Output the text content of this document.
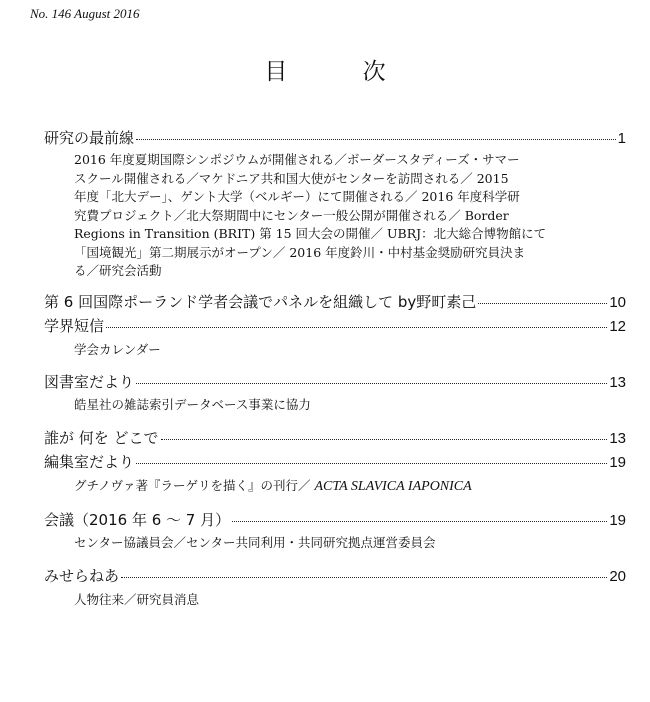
No. 146 August 2016
目 次
研究の最前線	1
2016 年度夏期国際シンポジウムが開催される／ボーダースタディーズ・サマー
スクール開催される／マケドニア共和国大使がセンターを訪問される／ 2015
年度「北大デー」、ゲント大学（ベルギー）にて開催される／ 2016 年度科学研
究費プロジェクト／北大祭期間中にセンター一般公開が開催される／ Border
Regions in Transition (BRIT) 第 15 回大会の開催／ UBRJ：北大総合博物館にて
「国境観光」第二期展示がオープン／ 2016 年度鈴川・中村基金奨励研究員決ま
る／研究会活動
第 6 回国際ポーランド学者会議でパネルを組織して by野町素己	10
学界短信	12
学会カレンダー
図書室だより	13
皓星社の雑誌索引データベース事業に協力
誰が 何を どこで	13
編集室だより	19
グチノヴァ著『ラーゲリを描く』の刊行／ ACTA SLAVICA IAPONICA
会議（2016 年 6 ～ 7 月）	19
センター協議員会／センター共同利用・共同研究拠点運営委員会
みせらねあ	20
人物往来／研究員消息
